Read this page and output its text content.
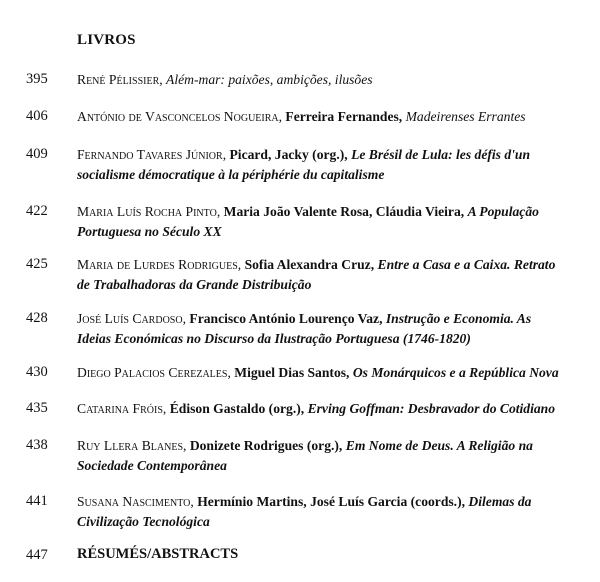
LIVROS
395	René Pélissier, Além-mar: paixões, ambições, ilusões
406	António de Vasconcelos Nogueira, Ferreira Fernandes, Madeirenses Errantes
409	Fernando Tavares Júnior, Picard, Jacky (org.), Le Brésil de Lula: les défis d'un
socialisme démocratique à la périphérie du capitalisme
422	Maria Luís Rocha Pinto, Maria João Valente Rosa, Cláudia Vieira, A População
Portuguesa no Século XX
425	Maria de Lurdes Rodrigues, Sofia Alexandra Cruz, Entre a Casa e a Caixa. Retrato
de Trabalhadoras da Grande Distribuição
428	José Luís Cardoso, Francisco António Lourenço Vaz, Instrução e Economia. As
Ideias Económicas no Discurso da Ilustração Portuguesa (1746-1820)
430	Diego Palacios Cerezales, Miguel Dias Santos, Os Monárquicos e a República Nova
435	Catarina Fróis, Édison Gastaldo (org.), Erving Goffman: Desbravador do Cotidiano
438	Ruy Llera Blanes, Donizete Rodrigues (org.), Em Nome de Deus. A Religião na
Sociedade Contemporânea
441	Susana Nascimento, Hermínio Martins, José Luís Garcia (coords.), Dilemas da
Civilização Tecnológica
447 RÉSUMÉS/ABSTRACTS
